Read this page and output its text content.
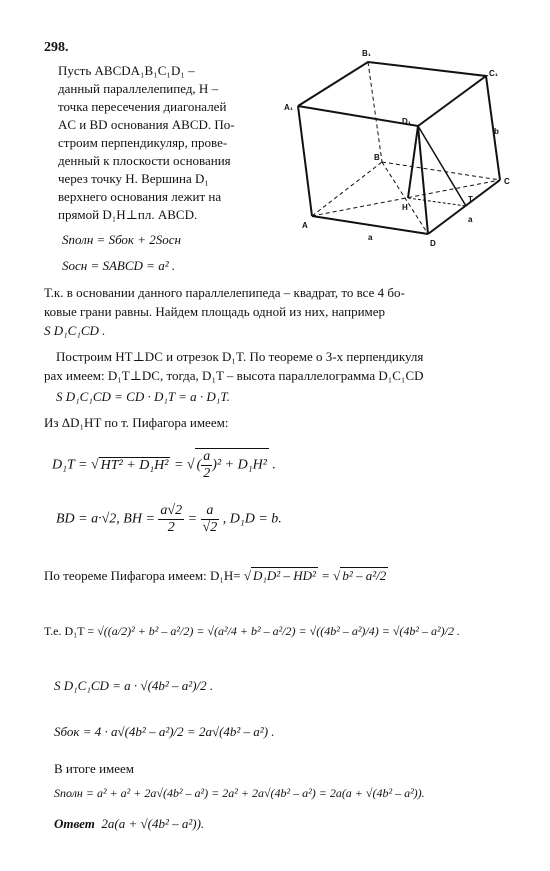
298.
Пусть ABCDA₁B₁C₁D₁ –
данный параллелепипед, H –
точка пересечения диагоналей
AC и BD основания ABCD. По-
строим перпендикуляр, прове-
денный к плоскости основания
через точку H. Вершина D₁
верхнего основания лежит на
прямой D₁H⊥пл. ABCD.
Sполн = Sбок + 2Sосн
Sосн = SАBCD = a² .
A₁
B₁
C₁
D₁
A
B
C
D
H
T
a
a
b
Т.к. в основании данного параллелепипеда – квадрат, то все 4 бо-
ковые грани равны. Найдем площадь одной из них, например
S D₁C₁CD .
Построим HT⊥DC и отрезок D₁T. По теореме о 3-х перпендикуля
рах имеем: D₁T⊥DC, тогда, D₁T – высота параллелограмма D₁C₁CD
S D₁C₁CD = CD · D₁T = a · D₁T.
Из ΔD₁HT по т. Пифагора имеем:
D₁T = √ HT² + D₁H² = √ ( $\frac{a}{2} )^2 + D_1H^2$ .
BD = a·√2, BH = $\frac{a√2}{2} = \frac{a}{√2}$ , D₁D = b.
По теореме Пифагора имеем: D₁H= √ D₁D² – HD² = √ b² – a²/2
Т.е. D₁T = √((a/2)² + b² – a²/2) = √(a²/4 + b² – a²/2) = √((4b² – a²)/4) = √(4b² – a²)/2 .
S D₁C₁CD = a · √(4b² – a²)/2 .
Sбок = 4 · a√(4b² – a²)/2 = 2a√(4b² – a²) .
В итоге имеем
Sполн = a² + a² + 2a√(4b² – a²) = 2a² + 2a√(4b² – a²) = 2a(a + √(4b² – a²)).
Ответ 2a(a + √(4b² – a²)).
